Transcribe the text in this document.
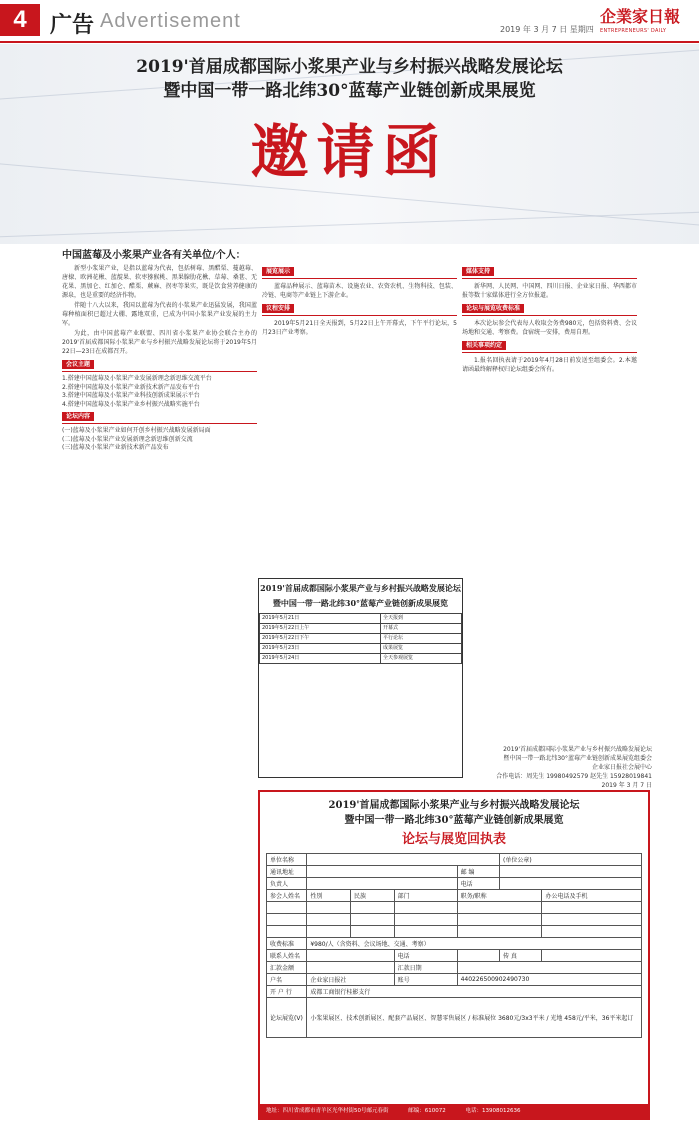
4	广告 Advertisement	2019 年 3 月 7 日 星期四
企業家日報
ENTREPRENEURS' DAILY
2019'首届成都国际小浆果产业与乡村振兴战略发展论坛
暨中国一带一路北纬30°蓝莓产业链创新成果展览
邀请函
中国蓝莓及小浆果产业各有关单位/个人：

新型小浆果产业，是指以蓝莓为代表，包括树莓、黑醋栗、蔓越莓、唐棣、欧洲花楸、蓝靛果、软枣猕猴桃、黑果腺肋花楸、草莓、桑葚、无花果、黑加仑、红加仑、醋栗、蕨麻、拐枣等果实，既是饮食营养健康的源泉，也是重要的经济作物。

伴随十八大以来，我国以蓝莓为代表的小浆果产业迅猛发展，我国蓝莓种植面积已超过大棚、露地双重，已成为中国小浆果产业发展的主力军。

为此，由中国蓝莓产业联盟、四川省小浆果产业协会联合主办的2019'首届成都国际小浆果产业与乡村振兴战略发展论坛将于2019年5月22日—23日在成都召开。

会议主题
1.搭建中国蓝莓及小浆果产业发展新理念新思维交流平台
2.搭建中国蓝莓及小浆果产业新技术新产品发布平台
3.搭建中国蓝莓及小浆果产业科技创新成果展示平台
4.搭建中国蓝莓及小浆果产业乡村振兴战略实施平台
论坛内容
(一)蓝莓及小浆果产业如何开创乡村振兴战略发展新局面
(二)蓝莓及小浆果产业发展新理念新思维创新交流
(三)蓝莓及小浆果产业新技术新产品发布
展览展示

蓝莓品种展示、蓝莓苗木、设施农业、农资农机、生物科技、包装、冷链、电商等产业链上下游企业。

议程安排

2019年5月21日全天报到，5月22日上午开幕式，下午平行论坛，5月23日产业考察。

2019'首届成都国际小浆果产业与乡村振兴战略发展论坛
暨中国一带一路北纬30°蓝莓产业链创新成果展览
2019年5月21日	全天报到
2019年5月22日上午	开幕式
2019年5月22日下午	平行论坛
2019年5月23日	成果展览
2019年5月24日	全天参观展览
媒体支持

新华网、人民网、中国网、四川日报、企业家日报、华西都市报等数十家媒体进行全方位报道。

论坛与展览收费标准

本次论坛参会代表每人收取会务费980元，包括资料费、会议场地和交通、考察费。食宿统一安排，费用自理。

相关事项约定

1.报名回执表请于2019年4月28日前发送至组委会。2.本邀请函最终解释权归论坛组委会所有。

2019'首届成都国际小浆果产业与乡村振兴战略发展论坛
暨中国一带一路北纬30°蓝莓产业链创新成果展览组委会
企业家日报社会展中心
合作电话：周先生 19980492579 赵先生 15928019841
2019 年 3 月 7 日
2019'首届成都国际小浆果产业与乡村振兴战略发展论坛
暨中国一带一路北纬30°蓝莓产业链创新成果展览
论坛与展览回执表
单位名称					(单位公章)	
通讯地址				邮 编		
负责人				电话		
参会人姓名	性别	民族	部门	职务/职称		办公电话及手机

收费标准	¥980/人（含资料、会议场地、交通、考察）					
联系人姓名			电话		传 真	
汇款金额			汇款日期			
户名	企业家日报社		账号	440226500902490730		
开 户 行	成都工商银行桂影支行					
论坛展览(V)	小浆果展区、技术创新展区、配套产品展区、智慧零售展区 / 标准展位 3680元/3x3平米 / 光地 458元/平米，36平米起订					
地址：四川省成都市青羊区光华村街50号邮元春街	邮编：610072	电话：13908012636
